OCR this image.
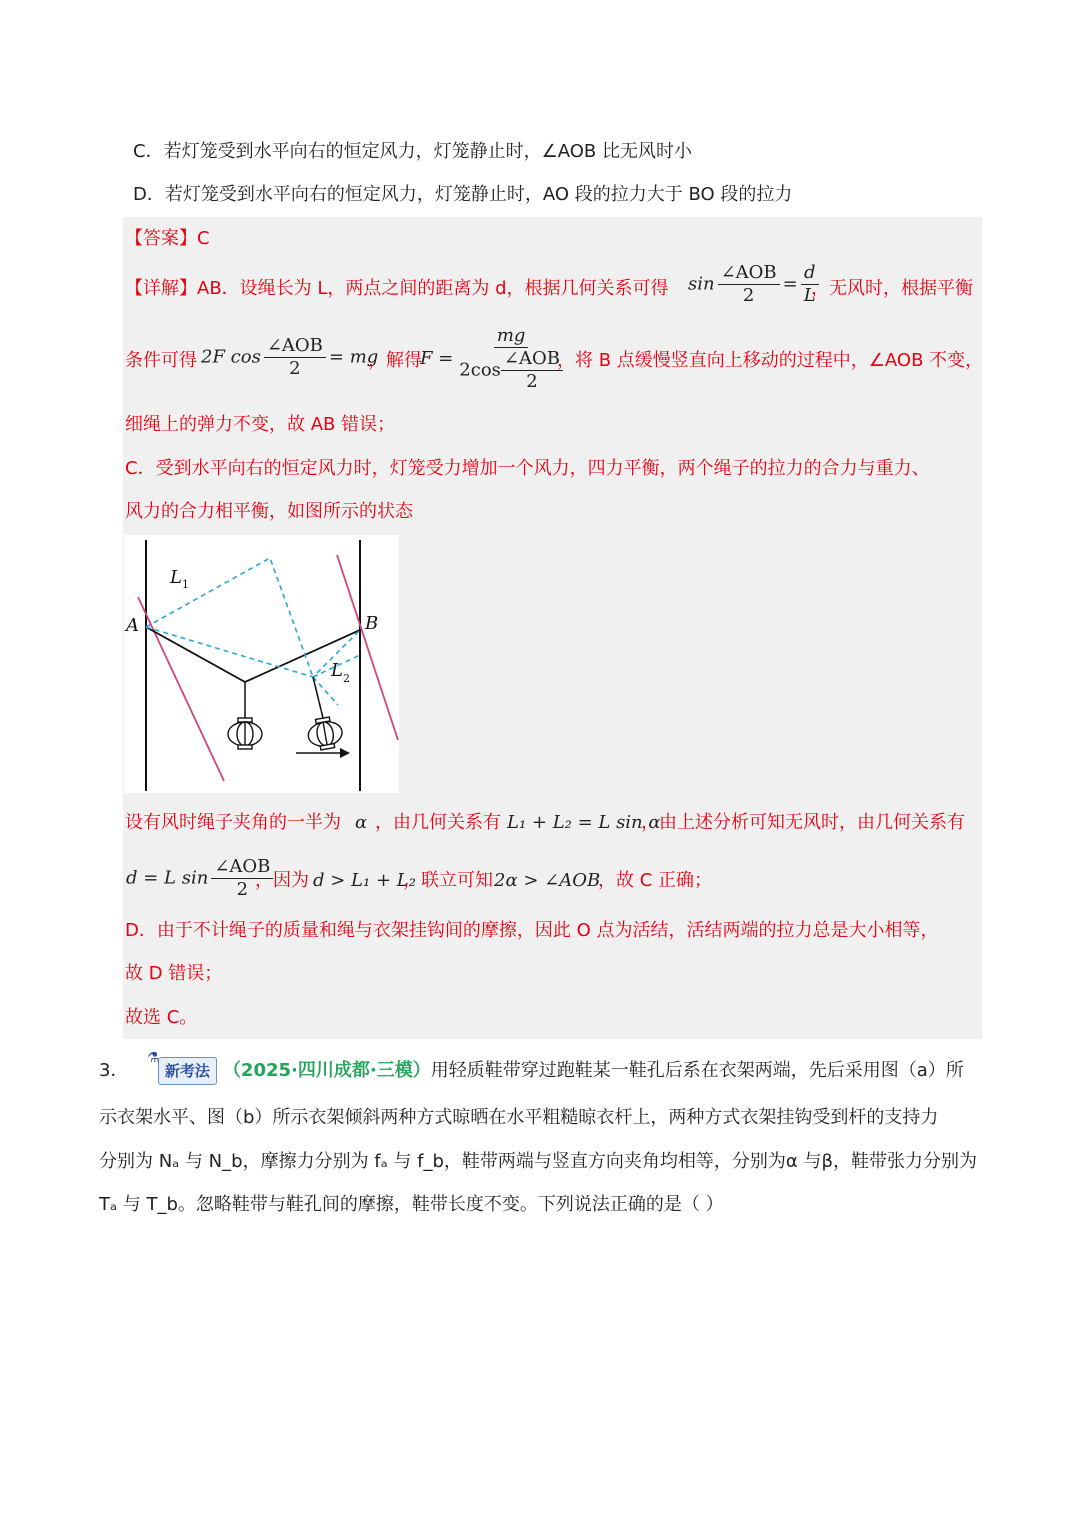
C．若灯笼受到水平向右的恒定风力，灯笼静止时，∠AOB 比无风时小
D．若灯笼受到水平向右的恒定风力，灯笼静止时，AO 段的拉力大于 BO 段的拉力
【答案】C
【详解】AB．设绳长为 L，两点之间的距离为 d，根据几何关系可得 $\sin \frac{\text{∠AOB}}{2} = \frac{d}{L}$
，无风时，根据平衡
条件可得 2F $\cos \frac{\text{∠AOB}}{2}$ = mg
，解得
$F = \frac{mg}{2\cos \frac{\text{∠AOB}}{2}}$
，将 B 点缓慢竖直向上移动的过程中，∠AOB 不变，
细绳上的弹力不变，故 AB 错误；
C．受到水平向右的恒定风力时，灯笼受力增加一个风力，四力平衡，两个绳子的拉力的合力与重力、
风力的合力相平衡，如图所示的状态
L 1
L 2
A	B
设有风时绳子夹角的一半为 α ，由几何关系有 L₁ + L₂ = L sin α
，由上述分析可知无风时，由几何关系有
d = L $\sin \frac{\text{∠AOB}}{2}$
，因为 d > L₁ + L₂
，联立可知 2α > ∠AOB
，故 C 正确；
D．由于不计绳子的质量和绳与衣架挂钩间的摩擦，因此 O 点为活结，活结两端的拉力总是大小相等，
故 D 错误；
故选 C。
3．
⚗
新考法 （2025·四川成都·三模）用轻质鞋带穿过跑鞋某一鞋孔后系在衣架两端，先后采用图（a）所
示衣架水平、图（b）所示衣架倾斜两种方式晾晒在水平粗糙晾衣杆上，两种方式衣架挂钩受到杆的支持力
分别为 Nₐ 与 N_b，摩擦力分别为 fₐ 与 f_b，鞋带两端与竖直方向夹角均相等，分别为α 与β，鞋带张力分别为
Tₐ 与 T_b。忽略鞋带与鞋孔间的摩擦，鞋带长度不变。下列说法正确的是（ ）
